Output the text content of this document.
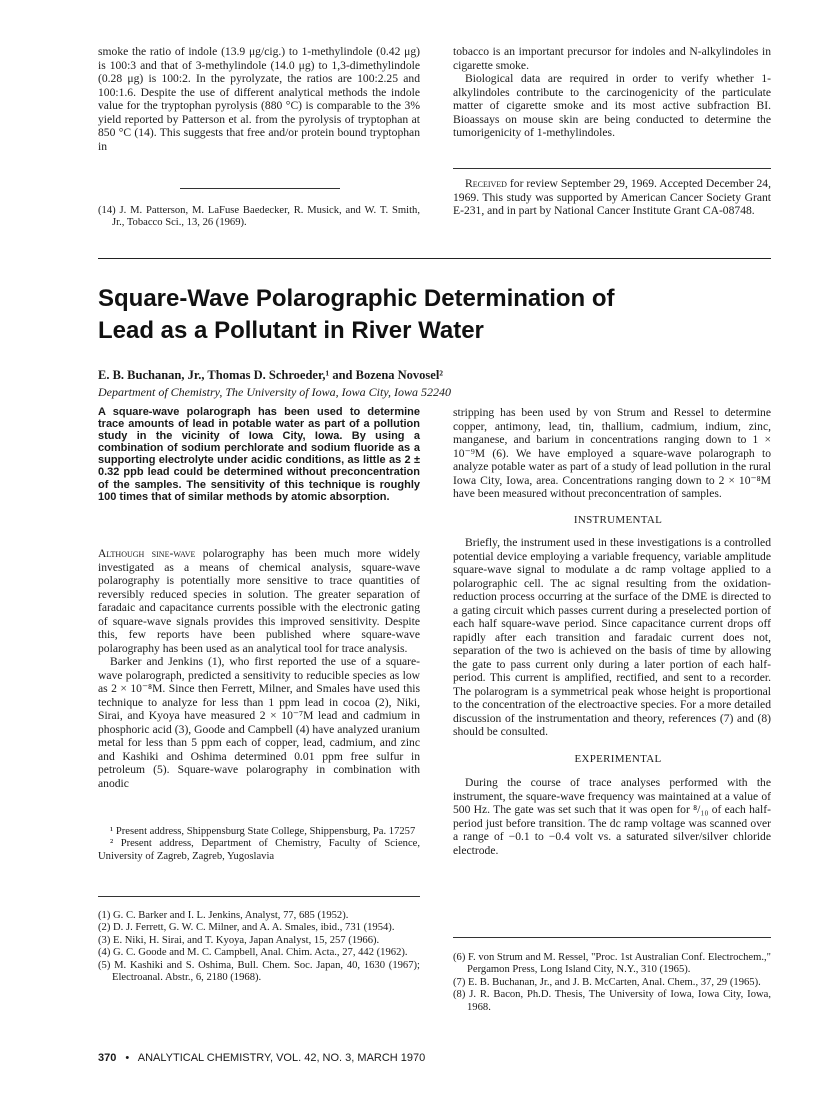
smoke the ratio of indole (13.9 μg/cig.) to 1-methylindole (0.42 μg) is 100:3 and that of 3-methylindole (14.0 μg) to 1,3-dimethylindole (0.28 μg) is 100:2. In the pyrolyzate, the ratios are 100:2.25 and 100:1.6. Despite the use of different analytical methods the indole value for the tryptophan pyrolysis (880 °C) is comparable to the 3% yield reported by Patterson et al. from the pyrolysis of tryptophan at 850 °C (14). This suggests that free and/or protein bound tryptophan in

(14) J. M. Patterson, M. LaFuse Baedecker, R. Musick, and W. T. Smith, Jr., Tobacco Sci., 13, 26 (1969).

tobacco is an important precursor for indoles and N-alkylindoles in cigarette smoke.

Biological data are required in order to verify whether 1-alkylindoles contribute to the carcinogenicity of the particulate matter of cigarette smoke and its most active subfraction BI. Bioassays on mouse skin are being conducted to determine the tumorigenicity of 1-methylindoles.

Received for review September 29, 1969. Accepted December 24, 1969. This study was supported by American Cancer Society Grant E-231, and in part by National Cancer Institute Grant CA-08748.

Square-Wave Polarographic Determination of
Lead as a Pollutant in River Water
E. B. Buchanan, Jr., Thomas D. Schroeder,¹ and Bozena Novosel²
Department of Chemistry, The University of Iowa, Iowa City, Iowa 52240
A square-wave polarograph has been used to determine trace amounts of lead in potable water as part of a pollution study in the vicinity of Iowa City, Iowa. By using a combination of sodium perchlorate and sodium fluoride as a supporting electrolyte under acidic conditions, as little as 2 ± 0.32 ppb lead could be determined without preconcentration of the samples. The sensitivity of this technique is roughly 100 times that of similar methods by atomic absorption.

Although sine-wave polarography has been much more widely investigated as a means of chemical analysis, square-wave polarography is potentially more sensitive to trace quantities of reversibly reduced species in solution. The greater separation of faradaic and capacitance currents possible with the electronic gating of square-wave signals provides this improved sensitivity. Despite this, few reports have been published where square-wave polarography has been used as an analytical tool for trace analysis.

Barker and Jenkins (1), who first reported the use of a square-wave polarograph, predicted a sensitivity to reducible species as low as 2 × 10⁻⁸M. Since then Ferrett, Milner, and Smales have used this technique to analyze for less than 1 ppm lead in cocoa (2), Niki, Sirai, and Kyoya have measured 2 × 10⁻⁷M lead and cadmium in phosphoric acid (3), Goode and Campbell (4) have analyzed uranium metal for less than 5 ppm each of copper, lead, cadmium, and zinc and Kashiki and Oshima determined 0.01 ppm free sulfur in petroleum (5). Square-wave polarography in combination with anodic

¹ Present address, Shippensburg State College, Shippensburg, Pa. 17257

² Present address, Department of Chemistry, Faculty of Science, University of Zagreb, Zagreb, Yugoslavia

(1) G. C. Barker and I. L. Jenkins, Analyst, 77, 685 (1952).

(2) D. J. Ferrett, G. W. C. Milner, and A. A. Smales, ibid., 731 (1954).

(3) E. Niki, H. Sirai, and T. Kyoya, Japan Analyst, 15, 257 (1966).

(4) G. C. Goode and M. C. Campbell, Anal. Chim. Acta., 27, 442 (1962).

(5) M. Kashiki and S. Oshima, Bull. Chem. Soc. Japan, 40, 1630 (1967); Electroanal. Abstr., 6, 2180 (1968).

stripping has been used by von Strum and Ressel to determine copper, antimony, lead, tin, thallium, cadmium, indium, zinc, manganese, and barium in concentrations ranging down to 1 × 10⁻⁹M (6). We have employed a square-wave polarograph to analyze potable water as part of a study of lead pollution in the rural Iowa City, Iowa, area. Concentrations ranging down to 2 × 10⁻⁸M have been measured without preconcentration of samples.

INSTRUMENTAL

Briefly, the instrument used in these investigations is a controlled potential device employing a variable frequency, variable amplitude square-wave signal to modulate a dc ramp voltage applied to a polarographic cell. The ac signal resulting from the oxidation-reduction process occurring at the surface of the DME is directed to a gating circuit which passes current during a preselected portion of each half square-wave period. Since capacitance current drops off rapidly after each transition and faradaic current does not, separation of the two is achieved on the basis of time by allowing the gate to pass current only during a later portion of each half-period. This current is amplified, rectified, and sent to a recorder. The polarogram is a symmetrical peak whose height is proportional to the concentration of the electroactive species. For a more detailed discussion of the instrumentation and theory, references (7) and (8) should be consulted.

EXPERIMENTAL

During the course of trace analyses performed with the instrument, the square-wave frequency was maintained at a value of 500 Hz. The gate was set such that it was open for ⁸/₁₀ of each half-period just before transition. The dc ramp voltage was scanned over a range of −0.1 to −0.4 volt vs. a saturated silver/silver chloride electrode.

(6) F. von Strum and M. Ressel, "Proc. 1st Australian Conf. Electrochem.," Pergamon Press, Long Island City, N.Y., 310 (1965).

(7) E. B. Buchanan, Jr., and J. B. McCarten, Anal. Chem., 37, 29 (1965).

(8) J. R. Bacon, Ph.D. Thesis, The University of Iowa, Iowa City, Iowa, 1968.

370 • ANALYTICAL CHEMISTRY, VOL. 42, NO. 3, MARCH 1970
